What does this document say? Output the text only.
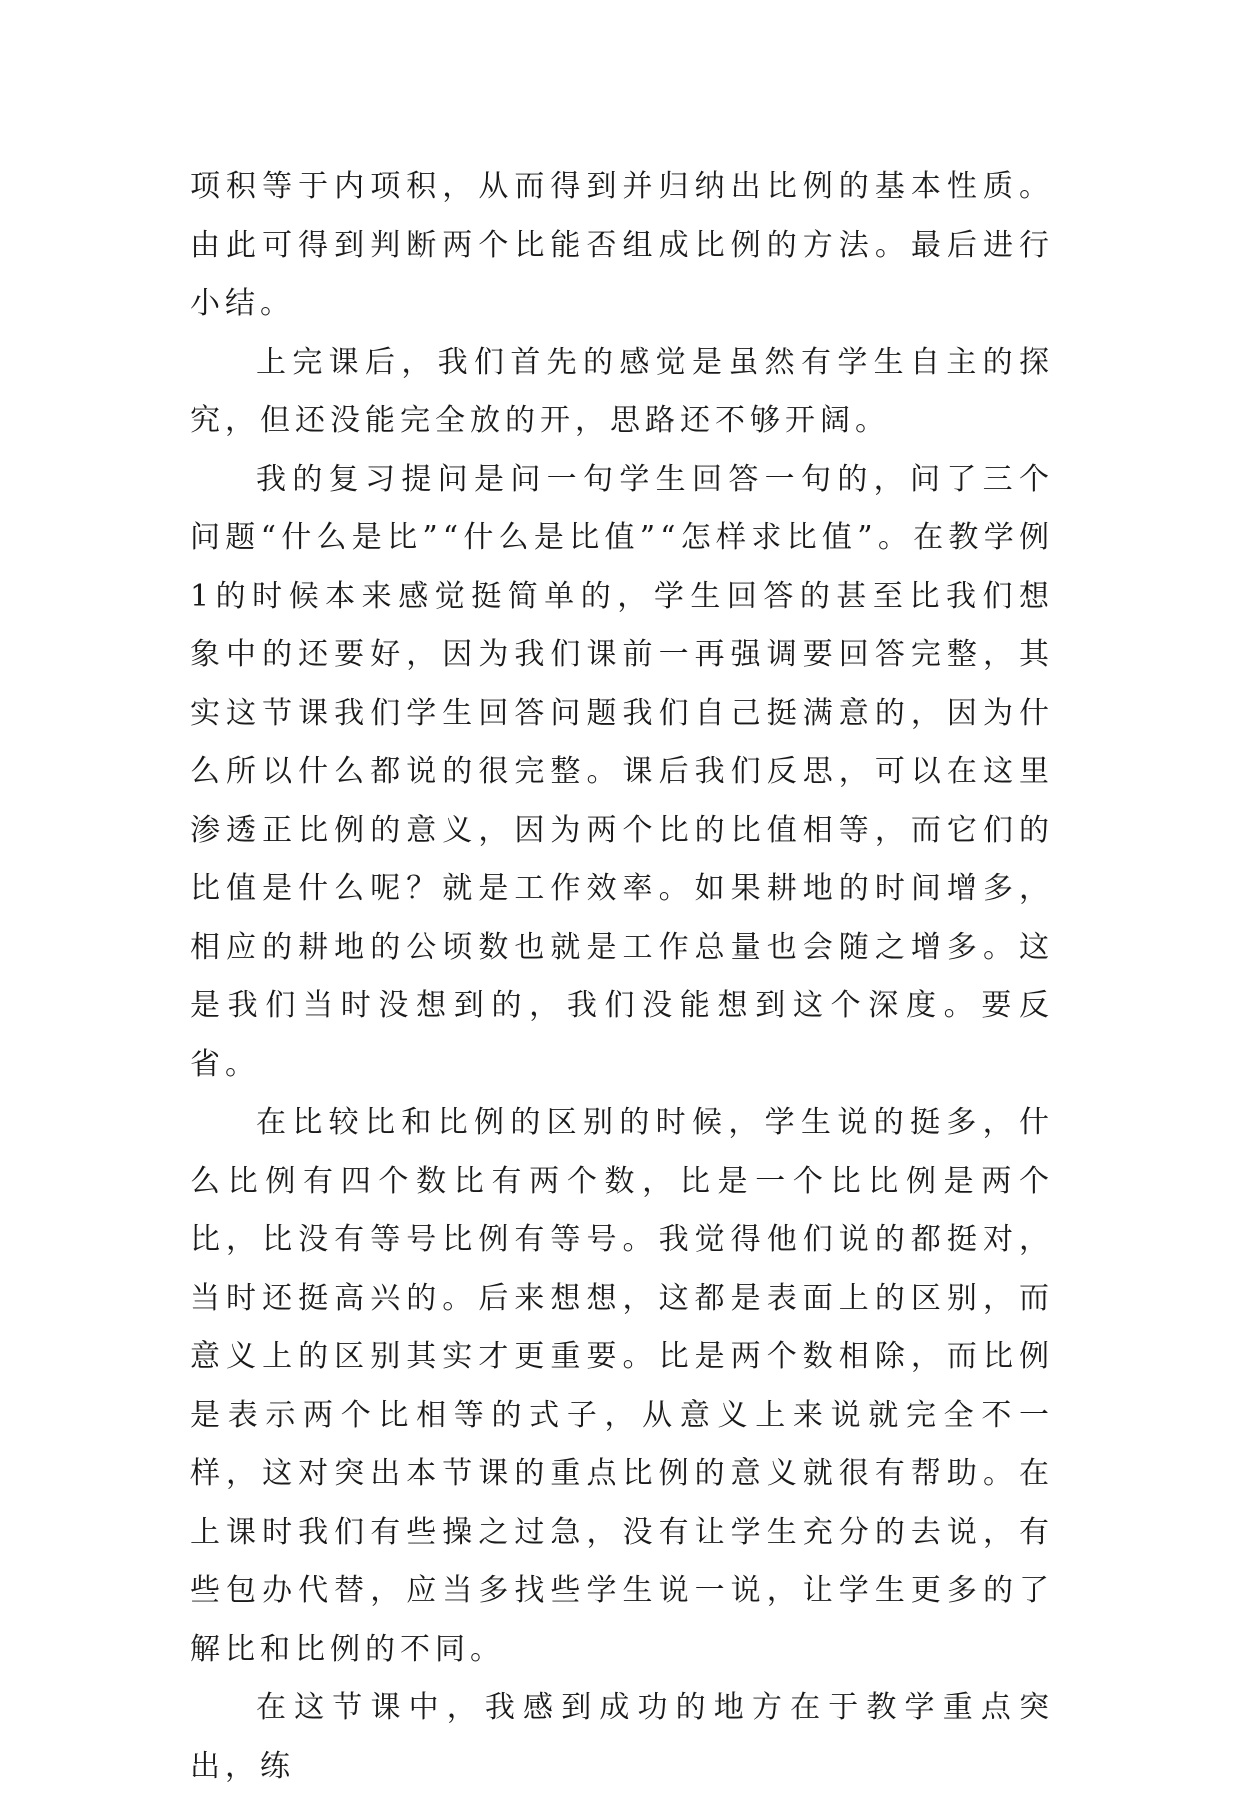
项积等于内项积，从而得到并归纳出比例的基本性质。由此可得到判断两个比能否组成比例的方法。最后进行小结。

上完课后，我们首先的感觉是虽然有学生自主的探究，但还没能完全放的开，思路还不够开阔。

我的复习提问是问一句学生回答一句的，问了三个问题“什么是比”“什么是比值”“怎样求比值”。在教学例1的时候本来感觉挺简单的，学生回答的甚至比我们想象中的还要好，因为我们课前一再强调要回答完整，其实这节课我们学生回答问题我们自己挺满意的，因为什么所以什么都说的很完整。课后我们反思，可以在这里渗透正比例的意义，因为两个比的比值相等，而它们的比值是什么呢？就是工作效率。如果耕地的时间增多，相应的耕地的公顷数也就是工作总量也会随之增多。这是我们当时没想到的，我们没能想到这个深度。要反省。

在比较比和比例的区别的时候，学生说的挺多，什么比例有四个数比有两个数，比是一个比比例是两个比，比没有等号比例有等号。我觉得他们说的都挺对，当时还挺高兴的。后来想想，这都是表面上的区别，而意义上的区别其实才更重要。比是两个数相除，而比例是表示两个比相等的式子，从意义上来说就完全不一样，这对突出本节课的重点比例的意义就很有帮助。在上课时我们有些操之过急，没有让学生充分的去说，有些包办代替，应当多找些学生说一说，让学生更多的了解比和比例的不同。

在这节课中，我感到成功的地方在于教学重点突出，练
